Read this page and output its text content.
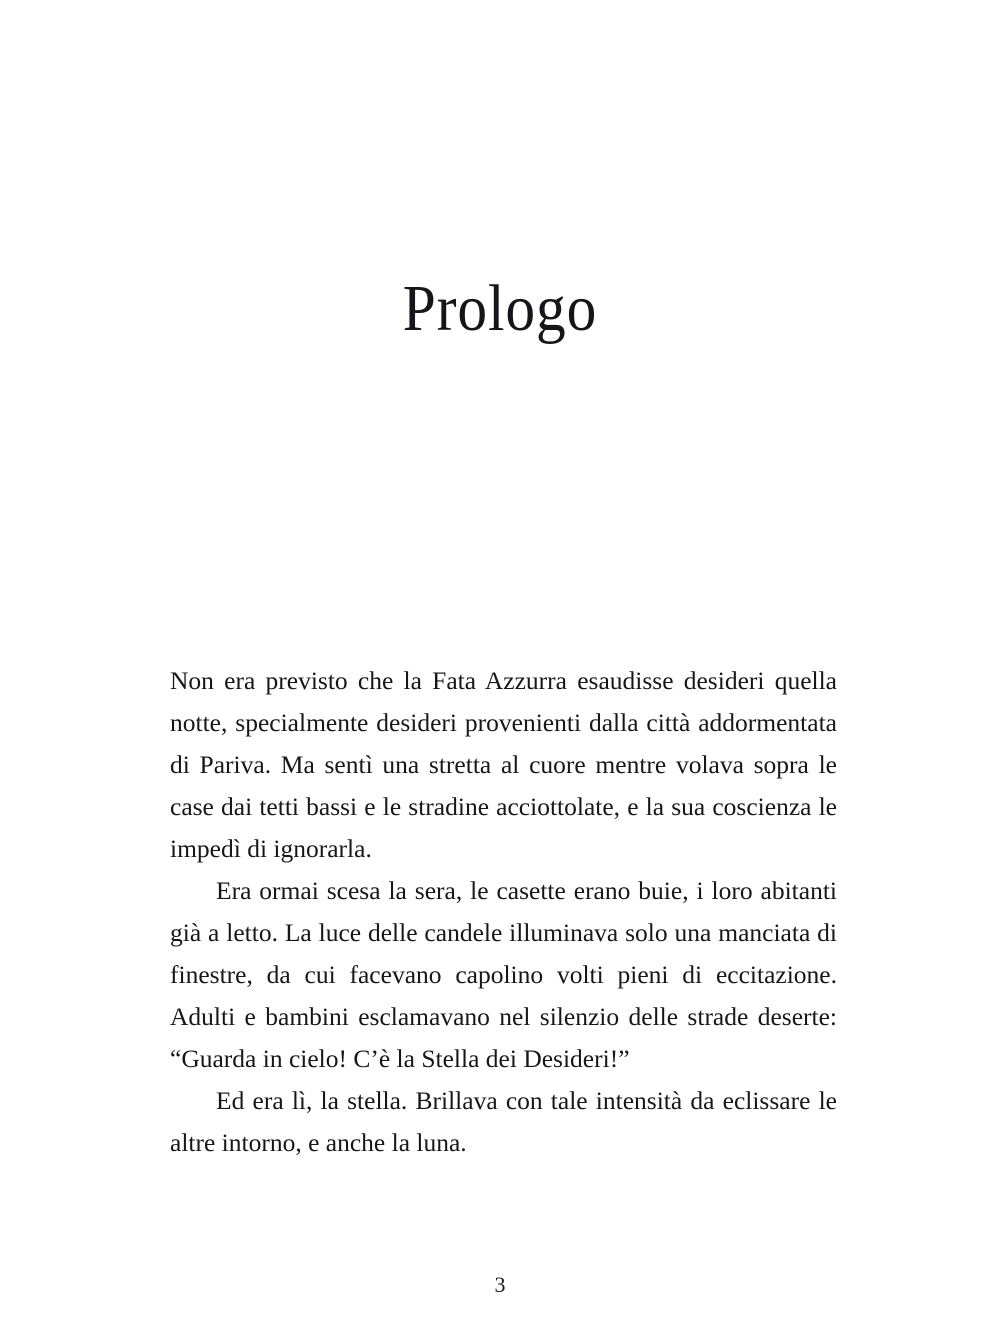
Prologo

Non era previsto che la Fata Azzurra esaudisse desideri quella notte, specialmente desideri provenienti dalla città addormentata di Pariva. Ma sentì una stretta al cuore mentre volava sopra le case dai tetti bassi e le stradine acciottolate, e la sua coscienza le impedì di ignorarla.

Era ormai scesa la sera, le casette erano buie, i loro abitanti già a letto. La luce delle candele illuminava solo una manciata di finestre, da cui facevano capolino volti pieni di eccitazione. Adulti e bambini esclamavano nel silenzio delle strade deserte: “Guarda in cielo! C’è la Stella dei Desideri!”

Ed era lì, la stella. Brillava con tale intensità da eclissare le altre intorno, e anche la luna.

3
